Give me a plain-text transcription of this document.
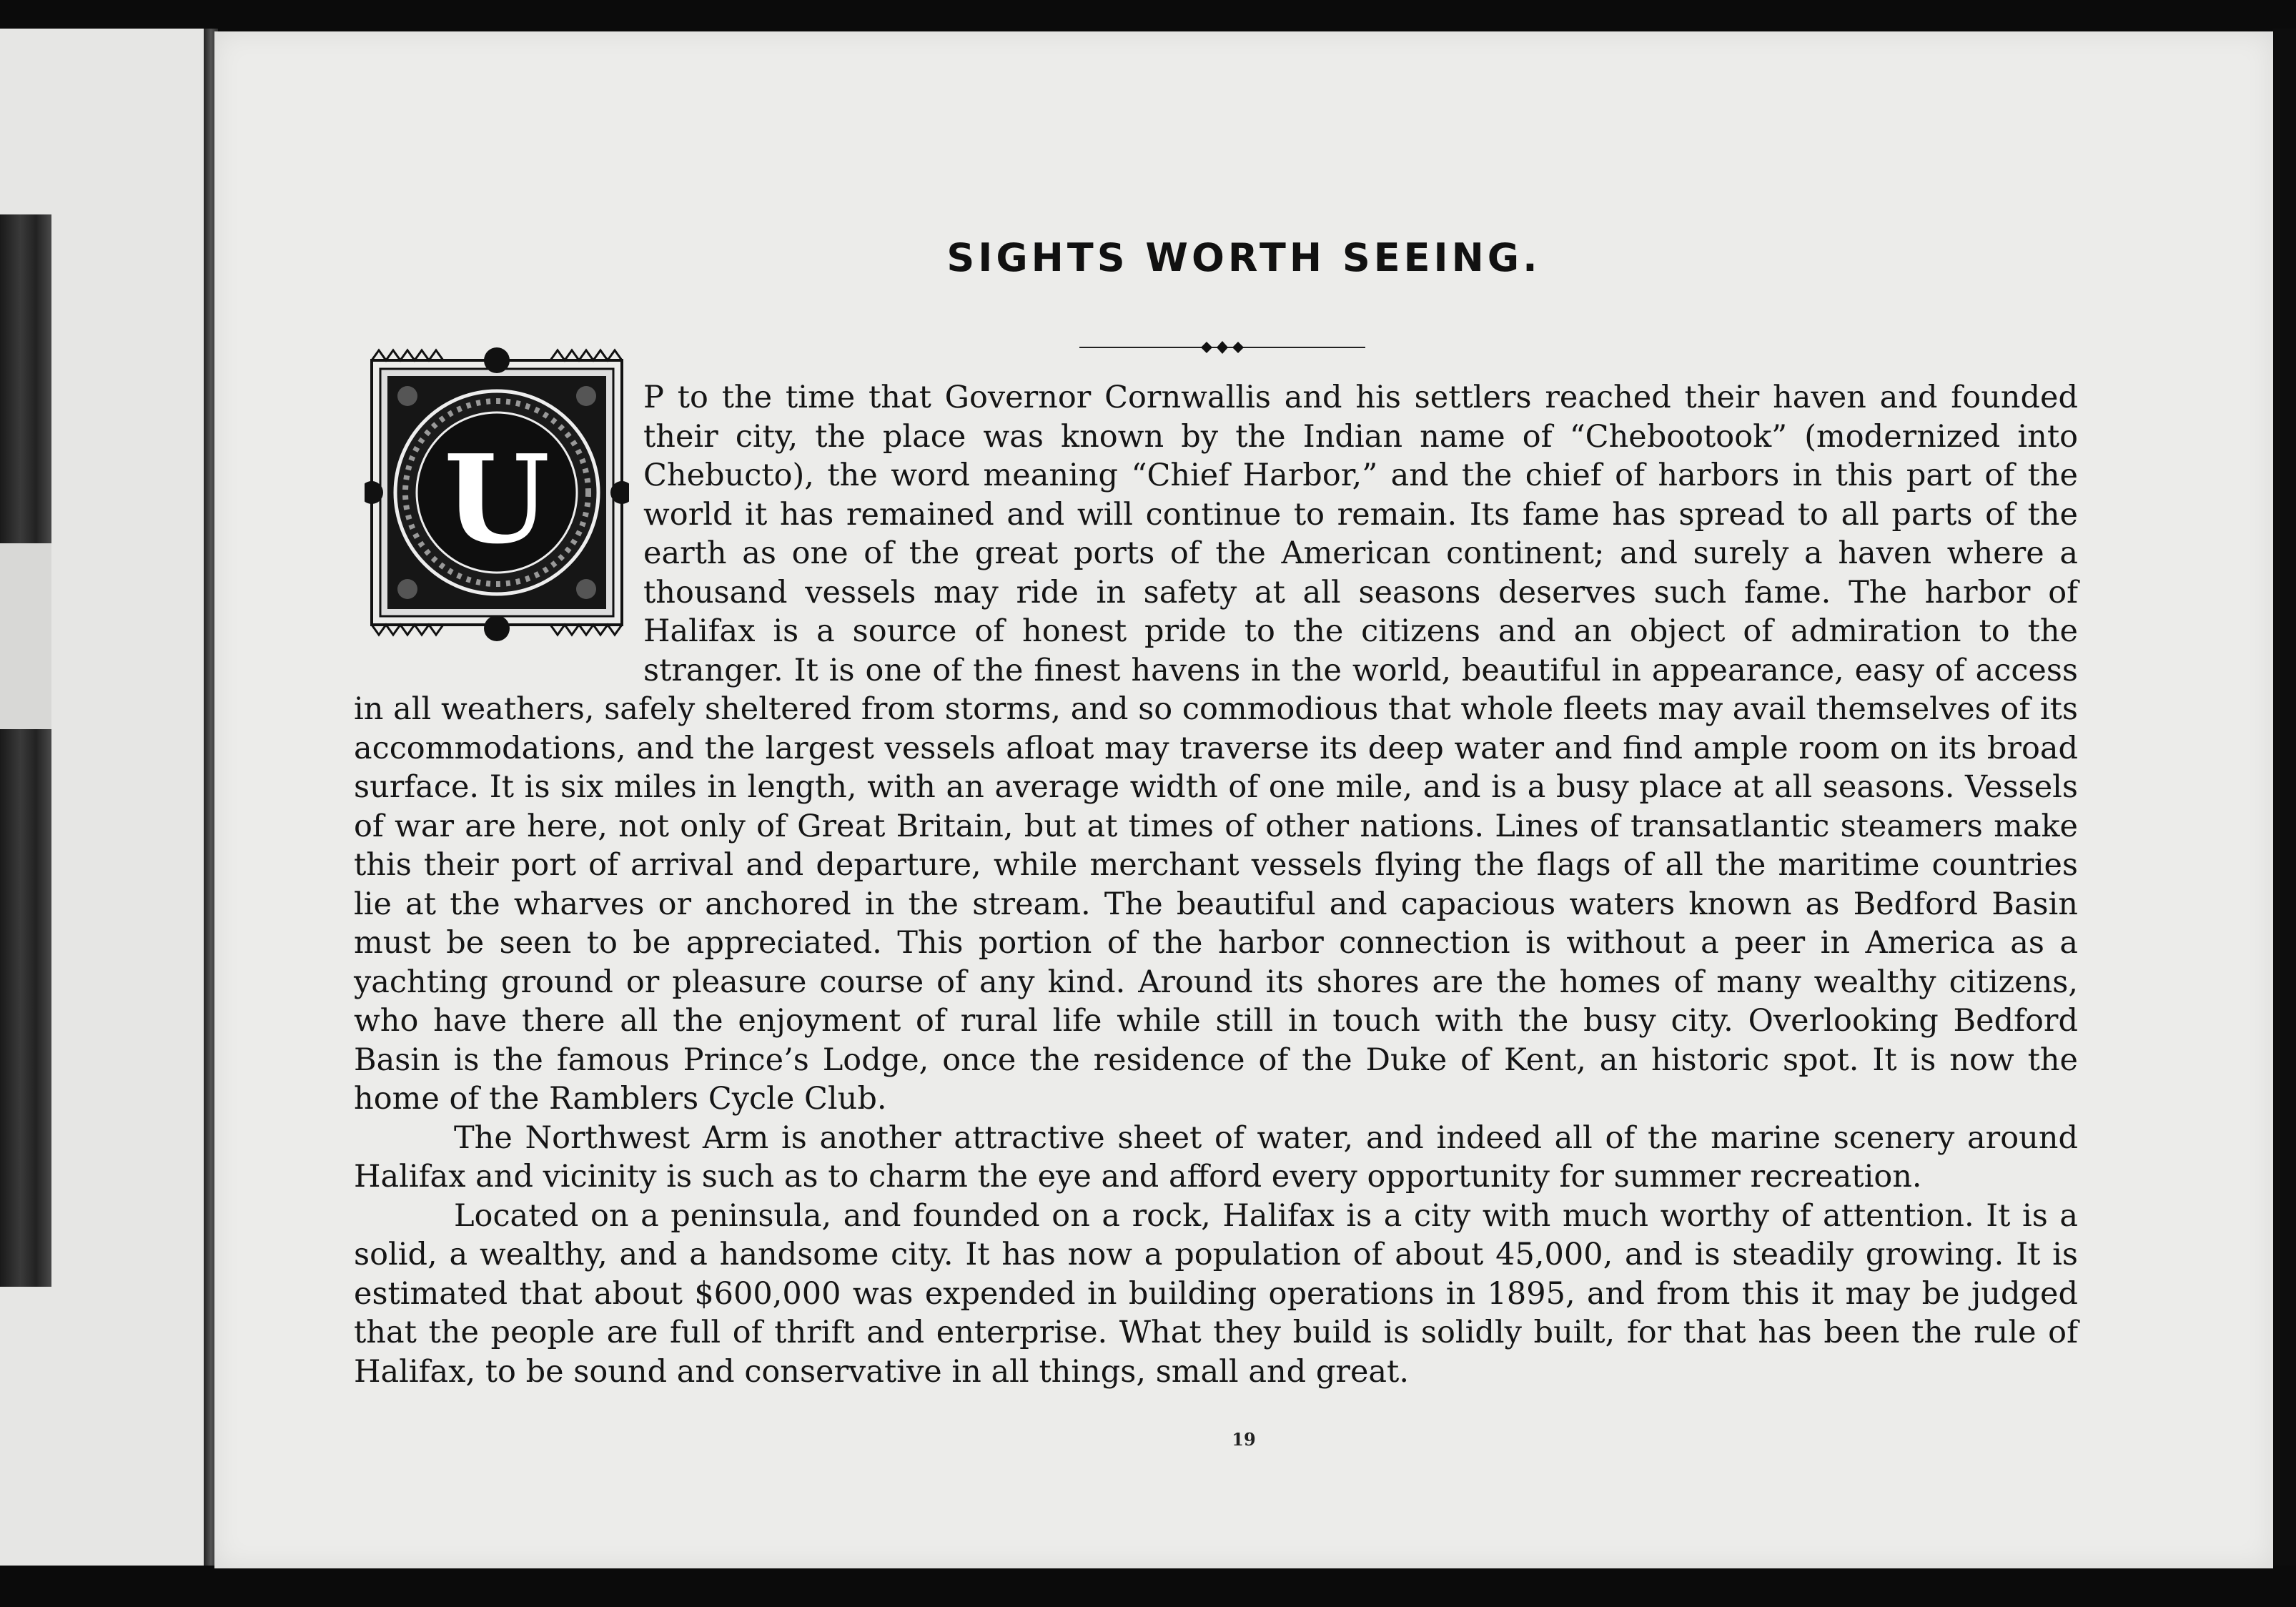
SIGHTS WORTH SEEING.
U

P to the time that Governor Cornwallis and his settlers reached their haven and founded their city, the place was known by the Indian name of “Chebootook” (modernized into Chebucto), the word meaning “Chief Harbor,” and the chief of harbors in this part of the world it has remained and will continue to remain. Its fame has spread to all parts of the earth as one of the great ports of the American continent; and surely a haven where a thousand vessels may ride in safety at all seasons deserves such fame. The harbor of Halifax is a source of honest pride to the citizens and an object of admiration to the stranger. It is one of the finest havens in the world, beautiful in appearance, easy of access in all weathers, safely sheltered from storms, and so commodious that whole fleets may avail themselves of its accommodations, and the largest vessels afloat may traverse its deep water and find ample room on its broad surface. It is six miles in length, with an average width of one mile, and is a busy place at all seasons. Vessels of war are here, not only of Great Britain, but at times of other nations. Lines of transatlantic steamers make this their port of arrival and departure, while merchant vessels flying the flags of all the maritime countries lie at the wharves or anchored in the stream. The beautiful and capacious waters known as Bedford Basin must be seen to be appreciated. This portion of the harbor connection is without a peer in America as a yachting ground or pleasure course of any kind. Around its shores are the homes of many wealthy citizens, who have there all the enjoyment of rural life while still in touch with the busy city. Overlooking Bedford Basin is the famous Prince’s Lodge, once the residence of the Duke of Kent, an historic spot. It is now the home of the Ramblers Cycle Club.

The Northwest Arm is another attractive sheet of water, and indeed all of the marine scenery around Halifax and vicinity is such as to charm the eye and afford every opportunity for summer recreation.

Located on a peninsula, and founded on a rock, Halifax is a city with much worthy of attention. It is a solid, a wealthy, and a handsome city. It has now a population of about 45,000, and is steadily growing. It is estimated that about $600,000 was expended in building operations in 1895, and from this it may be judged that the people are full of thrift and enterprise. What they build is solidly built, for that has been the rule of Halifax, to be sound and conservative in all things, small and great.

19
